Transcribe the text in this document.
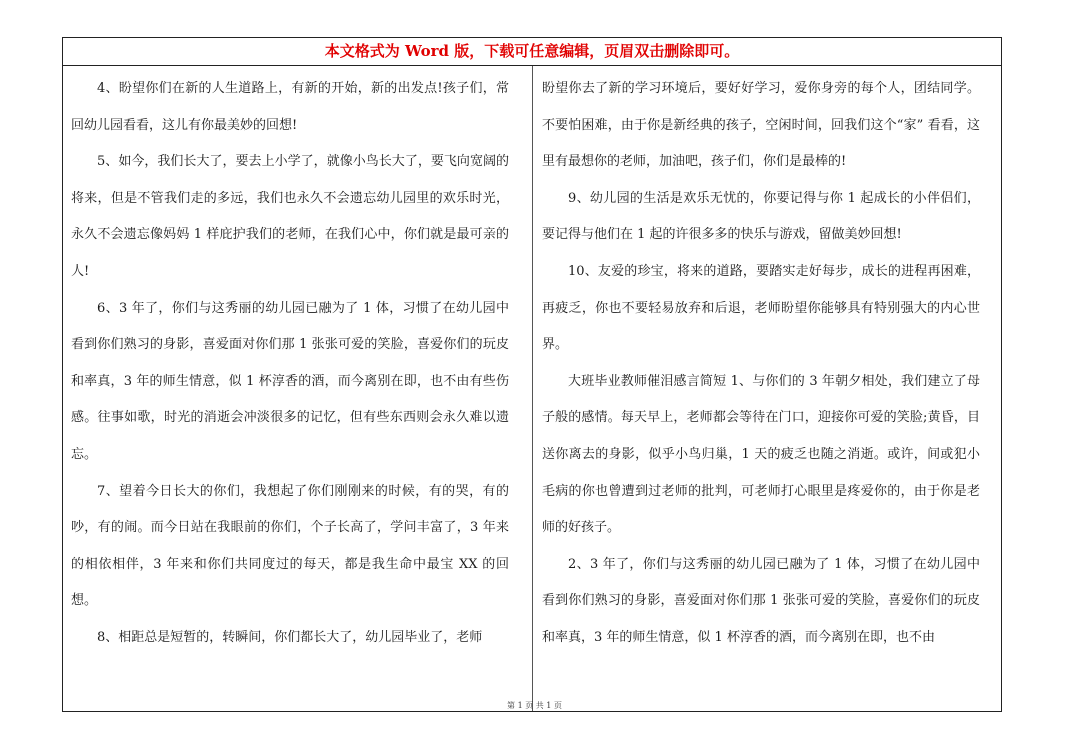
本文格式为 Word 版，下载可任意编辑，页眉双击删除即可。

4、盼望你们在新的人生道路上，有新的开始，新的出发点!孩子们，常回幼儿园看看，这儿有你最美妙的回想!

5、如今，我们长大了，要去上小学了，就像小鸟长大了，要飞向宽阔的将来，但是不管我们走的多远，我们也永久不会遗忘幼儿园里的欢乐时光，永久不会遗忘像妈妈 1 样庇护我们的老师，在我们心中，你们就是最可亲的人!

6、3 年了，你们与这秀丽的幼儿园已融为了 1 体，习惯了在幼儿园中看到你们熟习的身影，喜爱面对你们那 1 张张可爱的笑脸，喜爱你们的玩皮和率真，3 年的师生情意，似 1 杯淳香的酒，而今离别在即，也不由有些伤感。往事如歌，时光的消逝会冲淡很多的记忆，但有些东西则会永久难以遗忘。

7、望着今日长大的你们，我想起了你们刚刚来的时候，有的哭，有的吵，有的闹。而今日站在我眼前的你们，个子长高了，学问丰富了，3 年来的相依相伴，3 年来和你们共同度过的每天，都是我生命中最宝 XX 的回想。

8、相距总是短暂的，转瞬间，你们都长大了，幼儿园毕业了，老师

盼望你去了新的学习环境后，要好好学习，爱你身旁的每个人，团结同学。不要怕困难，由于你是新经典的孩子，空闲时间，回我们这个“家” 看看，这里有最想你的老师，加油吧，孩子们，你们是最棒的!

9、幼儿园的生活是欢乐无忧的，你要记得与你 1 起成长的小伴侣们，要记得与他们在 1 起的许很多多的快乐与游戏，留做美妙回想!

10、友爱的珍宝，将来的道路，要踏实走好每步，成长的进程再困难，再疲乏，你也不要轻易放弃和后退，老师盼望你能够具有特别强大的内心世界。

大班毕业教师催泪感言简短 1、与你们的 3 年朝夕相处，我们建立了母子般的感情。每天早上，老师都会等待在门口，迎接你可爱的笑脸;黄昏，目送你离去的身影，似乎小鸟归巢，1 天的疲乏也随之消逝。或许，间或犯小毛病的你也曾遭到过老师的批判，可老师打心眼里是疼爱你的，由于你是老师的好孩子。

2、3 年了，你们与这秀丽的幼儿园已融为了 1 体，习惯了在幼儿园中看到你们熟习的身影，喜爱面对你们那 1 张张可爱的笑脸，喜爱你们的玩皮和率真，3 年的师生情意，似 1 杯淳香的酒，而今离别在即，也不由

第 1 页 共 1 页
